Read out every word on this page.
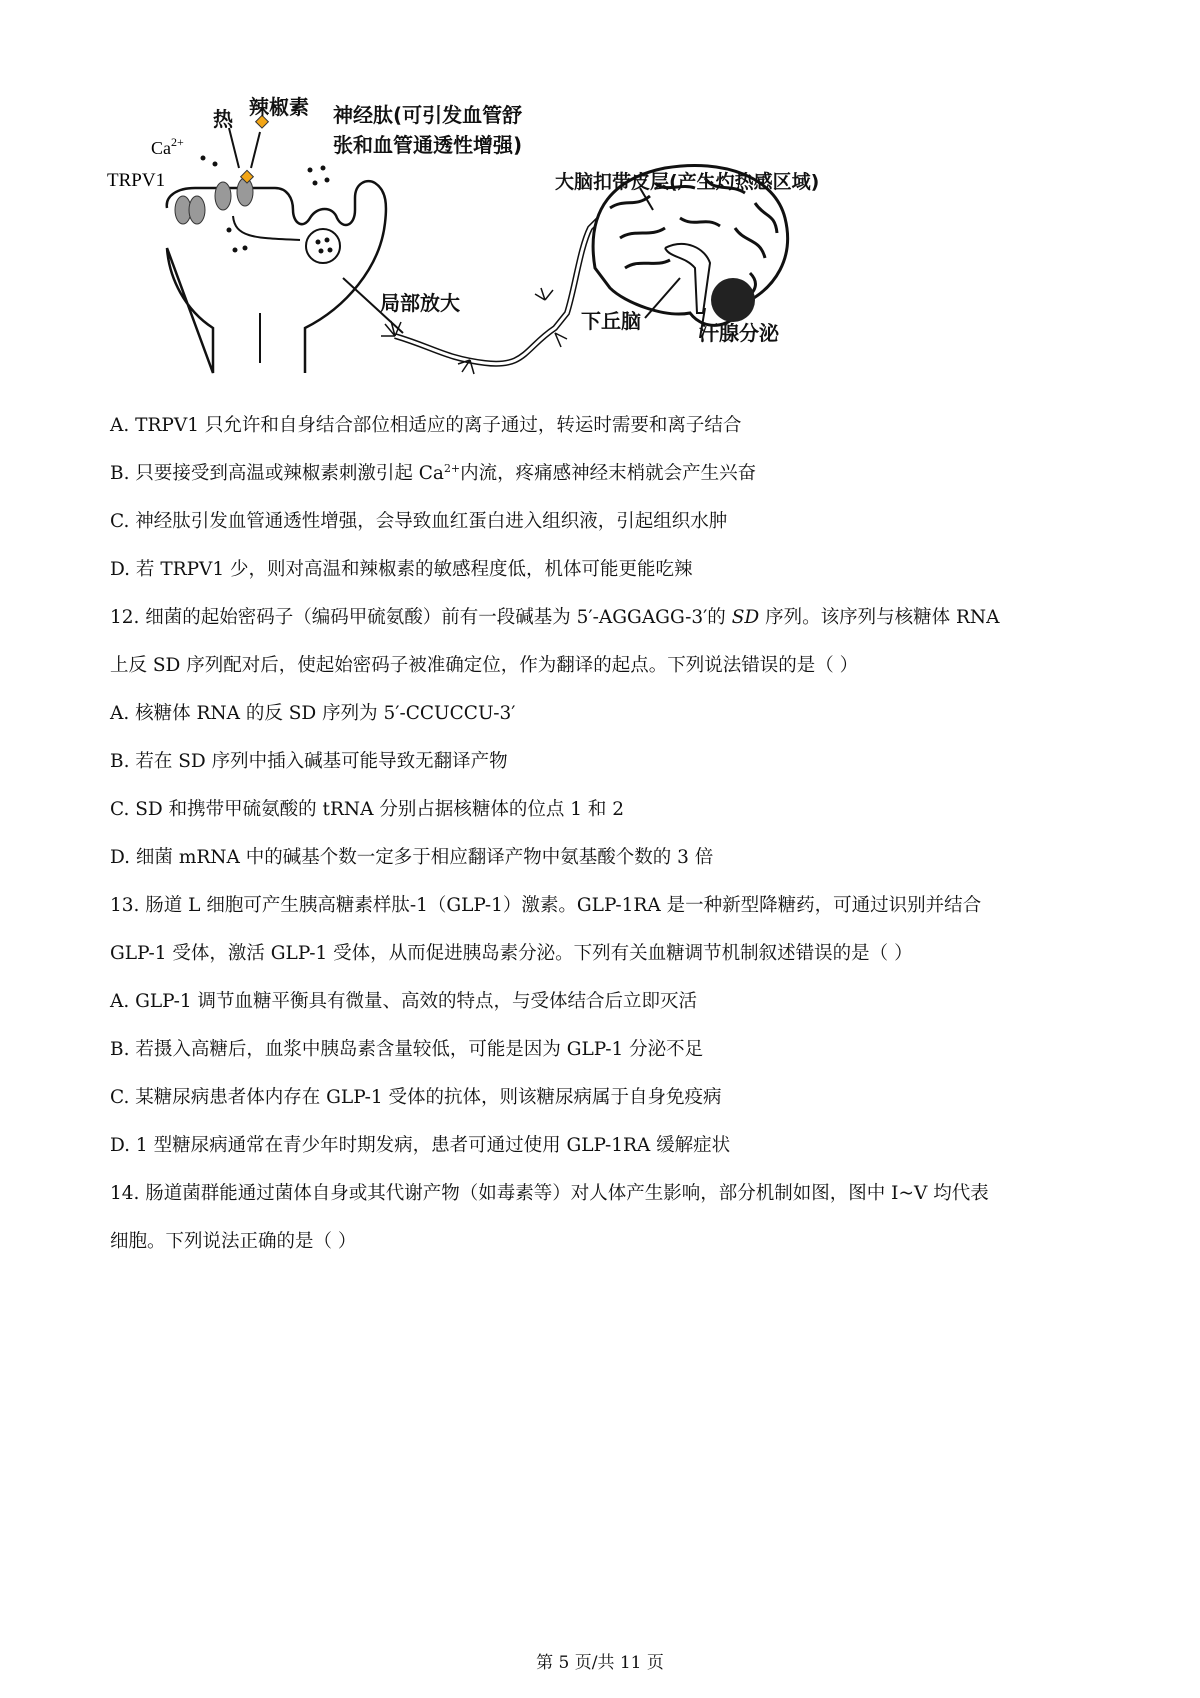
热 辣椒素 神经肽(可引发血管舒
张和血管通透性增强)
$Ca^{2+}$
TRPV1	大脑扣带皮层(产生灼热感区域)
局部放大
下丘脑	汗腺分泌
A. TRPV1 只允许和自身结合部位相适应的离子通过，转运时需要和离子结合
B. 只要接受到高温或辣椒素刺激引起 $Ca^{2+}$内流，疼痛感神经末梢就会产生兴奋
C. 神经肽引发血管通透性增强，会导致血红蛋白进入组织液，引起组织水肿
D. 若 TRPV1 少，则对高温和辣椒素的敏感程度低，机体可能更能吃辣
12. 细菌的起始密码子（编码甲硫氨酸）前有一段碱基为 5′-AGGAGG-3′的 SD 序列。该序列与核糖体 RNA
上反 SD 序列配对后，使起始密码子被准确定位，作为翻译的起点。下列说法错误的是（ ）
A. 核糖体 RNA 的反 SD 序列为 5′-CCUCCU-3′
B. 若在 SD 序列中插入碱基可能导致无翻译产物
C. SD 和携带甲硫氨酸的 tRNA 分别占据核糖体的位点 1 和 2
D. 细菌 mRNA 中的碱基个数一定多于相应翻译产物中氨基酸个数的 3 倍
13. 肠道 L 细胞可产生胰高糖素样肽-1（GLP-1）激素。GLP-1RA 是一种新型降糖药，可通过识别并结合
GLP-1 受体，激活 GLP-1 受体，从而促进胰岛素分泌。下列有关血糖调节机制叙述错误的是（ ）
A. GLP-1 调节血糖平衡具有微量、高效的特点，与受体结合后立即灭活
B. 若摄入高糖后，血浆中胰岛素含量较低，可能是因为 GLP-1 分泌不足
C. 某糖尿病患者体内存在 GLP-1 受体的抗体，则该糖尿病属于自身免疫病
D. 1 型糖尿病通常在青少年时期发病，患者可通过使用 GLP-1RA 缓解症状
14. 肠道菌群能通过菌体自身或其代谢产物（如毒素等）对人体产生影响，部分机制如图，图中 I~V 均代表
细胞。下列说法正确的是（ ）
第 5 页/共 11 页
